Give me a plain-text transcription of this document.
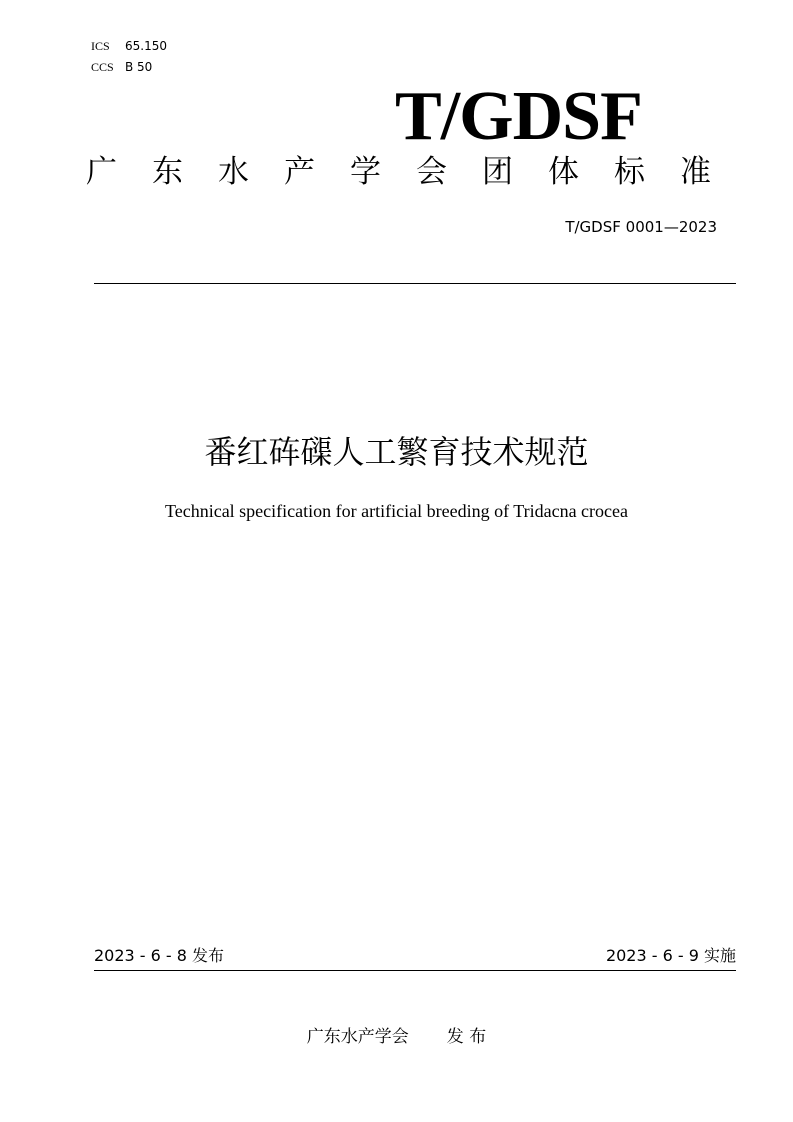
ICS 65.150
CCS B 50
T/GDSF
广东水产学会团体标准
T/GDSF 0001—2023
番红砗磲人工繁育技术规范
Technical specification for artificial breeding of Tridacna crocea
2023 - 6 - 8 发布	2023 - 6 - 9 实施
广东水产学会 发 布
